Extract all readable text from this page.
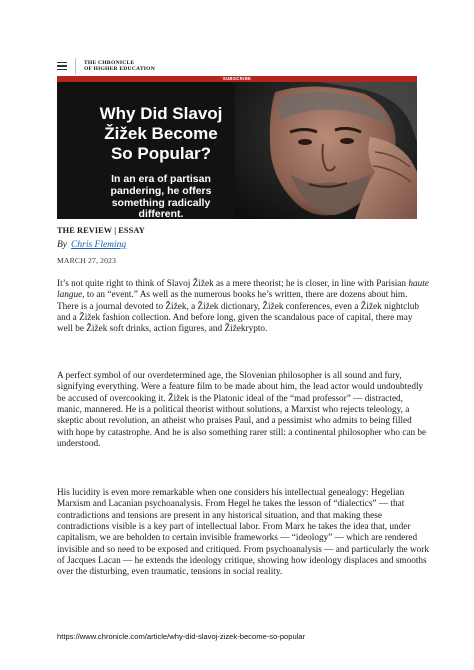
THE CHRONICLE
OF HIGHER EDUCATION
SUBSCRIBE
Why Did Slavoj
Žižek Become
So Popular?
In an era of partisan
pandering, he offers
something radically
different.
THE REVIEW | ESSAY
By Chris Fleming
MARCH 27, 2023

It’s not quite right to think of Slavoj Žižek as a mere theorist; he is closer, in line with Parisian haute langue, to an “event.” As well as the numerous books he’s written, there are dozens about him. There is a journal devoted to Žižek, a Žižek dictionary, Žižek conferences, even a Žižek nightclub and a Žižek fashion collection. And before long, given the scandalous pace of capital, there may well be Žižek soft drinks, action figures, and Žižekrypto.

A perfect symbol of our overdetermined age, the Slovenian philosopher is all sound and fury, signifying everything. Were a feature film to be made about him, the lead actor would undoubtedly be accused of overcooking it. Žižek is the Platonic ideal of the “mad professor” — distracted, manic, mannered. He is a political theorist without solutions, a Marxist who rejects teleology, a skeptic about revolution, an atheist who praises Paul, and a pessimist who admits to being filled with hope by catastrophe. And he is also something rarer still: a continental philosopher who can be understood.

His lucidity is even more remarkable when one considers his intellectual genealogy: Hegelian Marxism and Lacanian psychoanalysis. From Hegel he takes the lesson of “dialectics” — that contradictions and tensions are present in any historical situation, and that making these contradictions visible is a key part of intellectual labor. From Marx he takes the idea that, under capitalism, we are beholden to certain invisible frameworks — “ideology” — which are rendered invisible and so need to be exposed and critiqued. From psychoanalysis — and particularly the work of Jacques Lacan — he extends the ideology critique, showing how ideology displaces and smooths over the disturbing, even traumatic, tensions in social reality.

https://www.chronicle.com/article/why-did-slavoj-zizek-become-so-popular
